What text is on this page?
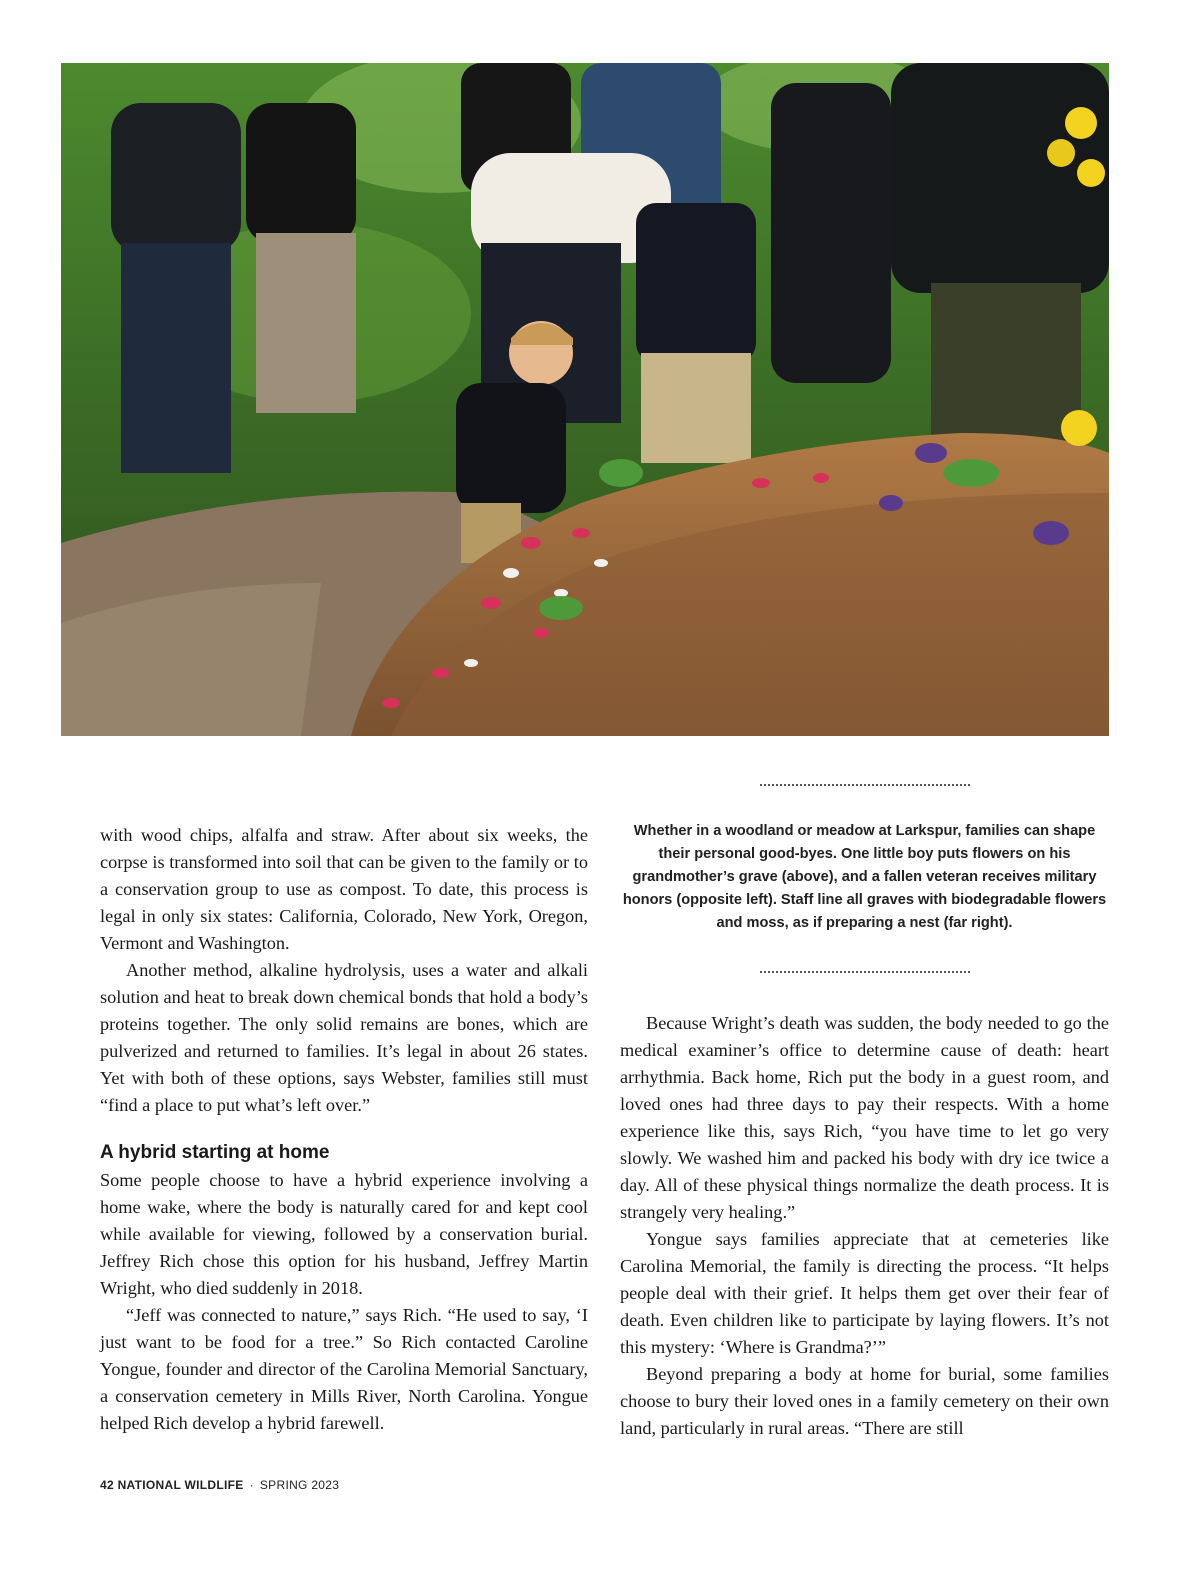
with wood chips, alfalfa and straw. After about six weeks, the corpse is transformed into soil that can be given to the family or to a conservation group to use as compost. To date, this process is legal in only six states: California, Colorado, New York, Oregon, Vermont and Washington.

Another method, alkaline hydrolysis, uses a water and alkali solution and heat to break down chemical bonds that hold a body’s proteins together. The only solid remains are bones, which are pulverized and returned to families. It’s legal in about 26 states. Yet with both of these options, says Webster, families still must “find a place to put what’s left over.”

A hybrid starting at home

Some people choose to have a hybrid experience involving a home wake, where the body is naturally cared for and kept cool while available for viewing, followed by a conservation burial. Jeffrey Rich chose this option for his husband, Jeffrey Martin Wright, who died suddenly in 2018.

“Jeff was connected to nature,” says Rich. “He used to say, ‘I just want to be food for a tree.” So Rich contacted Caroline Yongue, founder and director of the Carolina Memorial Sanctuary, a conservation cemetery in Mills River, North Carolina. Yongue helped Rich develop a hybrid farewell.

Whether in a woodland or meadow at Larkspur, families can shape their personal good-byes. One little boy puts flowers on his grandmother’s grave (above), and a fallen veteran receives military honors (opposite left). Staff line all graves with biodegradable flowers and moss, as if preparing a nest (far right).

Because Wright’s death was sudden, the body needed to go the medical examiner’s office to determine cause of death: heart arrhythmia. Back home, Rich put the body in a guest room, and loved ones had three days to pay their respects. With a home experience like this, says Rich, “you have time to let go very slowly. We washed him and packed his body with dry ice twice a day. All of these physical things normalize the death process. It is strangely very healing.”

Yongue says families appreciate that at cemeteries like Carolina Memorial, the family is directing the process. “It helps people deal with their grief. It helps them get over their fear of death. Even children like to participate by laying flowers. It’s not this mystery: ‘Where is Grandma?’”

Beyond preparing a body at home for burial, some families choose to bury their loved ones in a family cemetery on their own land, particularly in rural areas. “There are still

42 NATIONAL WILDLIFE · SPRING 2023
